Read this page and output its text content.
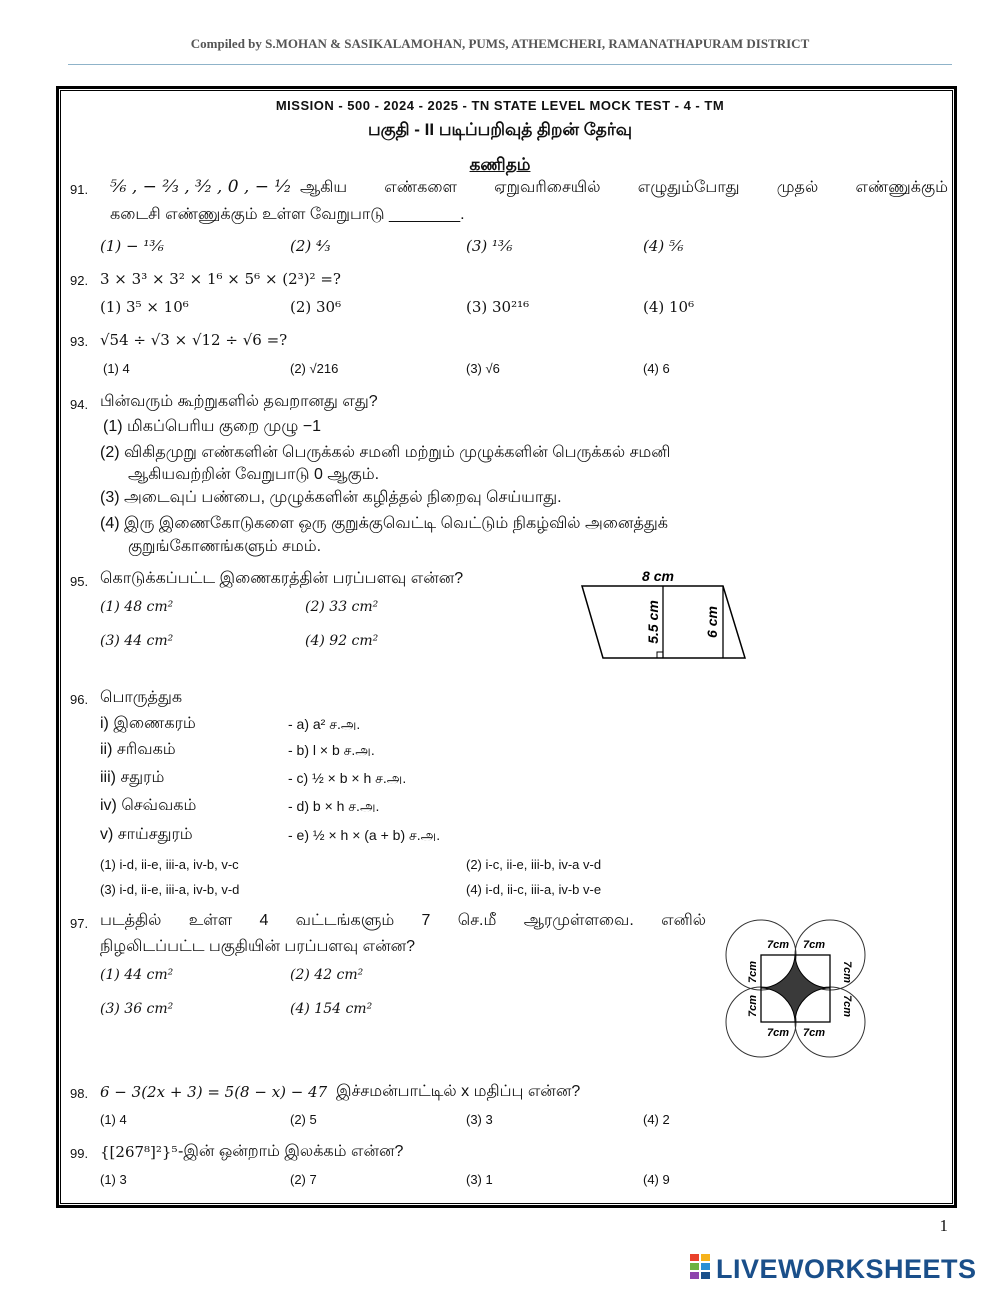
Compiled by S.MOHAN & SASIKALAMOHAN, PUMS, ATHEMCHERI, RAMANATHAPURAM DISTRICT
MISSION - 500 - 2024 - 2025 - TN STATE LEVEL MOCK TEST - 4 - TM
பகுதி - II படிப்பறிவுத் திறன் தேர்வு
கணிதம்
91. ⁵⁄₆ , − ²⁄₃ , ³⁄₂ , 0 , − ¹⁄₂ ஆகிய எண்களை ஏறுவரிசையில் எழுதும்போது முதல் எண்ணுக்கும்
கடைசி எண்ணுக்கும் உள்ள வேறுபாடு ________.
(1) − ¹³⁄₆	(2) ⁴⁄₃	(3) ¹³⁄₆	(4) ⁵⁄₆
92. 3 × 3³ × 3² × 1⁶ × 5⁶ × (2³)² =?
(1) 3⁵ × 10⁶	(2) 30⁶	(3) 30²¹⁶	(4) 10⁶
93. √54 ÷ √3 × √12 ÷ √6 =?
(1) 4	(2) √216	(3) √6	(4) 6
94. பின்வரும் கூற்றுகளில் தவறானது எது?
(1) மிகப்பெரிய குறை முழு −1
(2) விகிதமுறு எண்களின் பெருக்கல் சமனி மற்றும் முழுக்களின் பெருக்கல் சமனி
ஆகியவற்றின் வேறுபாடு 0 ஆகும்.
(3) அடைவுப் பண்பை, முழுக்களின் கழித்தல் நிறைவு செய்யாது.
(4) இரு இணைகோடுகளை ஒரு குறுக்குவெட்டி வெட்டும் நிகழ்வில் அனைத்துக்
குறுங்கோணங்களும் சமம்.
95. கொடுக்கப்பட்ட இணைகரத்தின் பரப்பளவு என்ன?
(1) 48 cm²	(2) 33 cm²
(3) 44 cm²	(4) 92 cm²
8 cm
5.5 cm	6 cm
96. பொருத்துக
i) இணைகரம்	- a) a² ச.அ.
ii) சரிவகம்	- b) l × b ச.அ.
iii) சதுரம்	- c) ½ × b × h ச.அ.
iv) செவ்வகம்	- d) b × h ச.அ.
v) சாய்சதுரம்	- e) ½ × h × (a + b) ச.அ.
(1) i-d, ii-e, iii-a, iv-b, v-c	(2) i-c, ii-e, iii-b, iv-a v-d
(3) i-d, ii-e, iii-a, iv-b, v-d	(4) i-d, ii-c, iii-a, iv-b v-e
97. படத்தில் உள்ள 4 வட்டங்களும் 7 செ.மீ ஆரமுள்ளவை. எனில்
நிழலிடப்பட்ட பகுதியின் பரப்பளவு என்ன?
(1) 44 cm²	(2) 42 cm²
(3) 36 cm²	(4) 154 cm²
7cm 7cm
7cm 7cm
7cm
7cm
7cm
7cm
98. 6 − 3(2x + 3) = 5(8 − x) − 47 இச்சமன்பாட்டில் x மதிப்பு என்ன?
(1) 4	(2) 5	(3) 3	(4) 2
99. {[267⁸]²}⁵ -இன் ஒன்றாம் இலக்கம் என்ன?
(1) 3	(2) 7	(3) 1	(4) 9
1
LIVEWORKSHEETS
